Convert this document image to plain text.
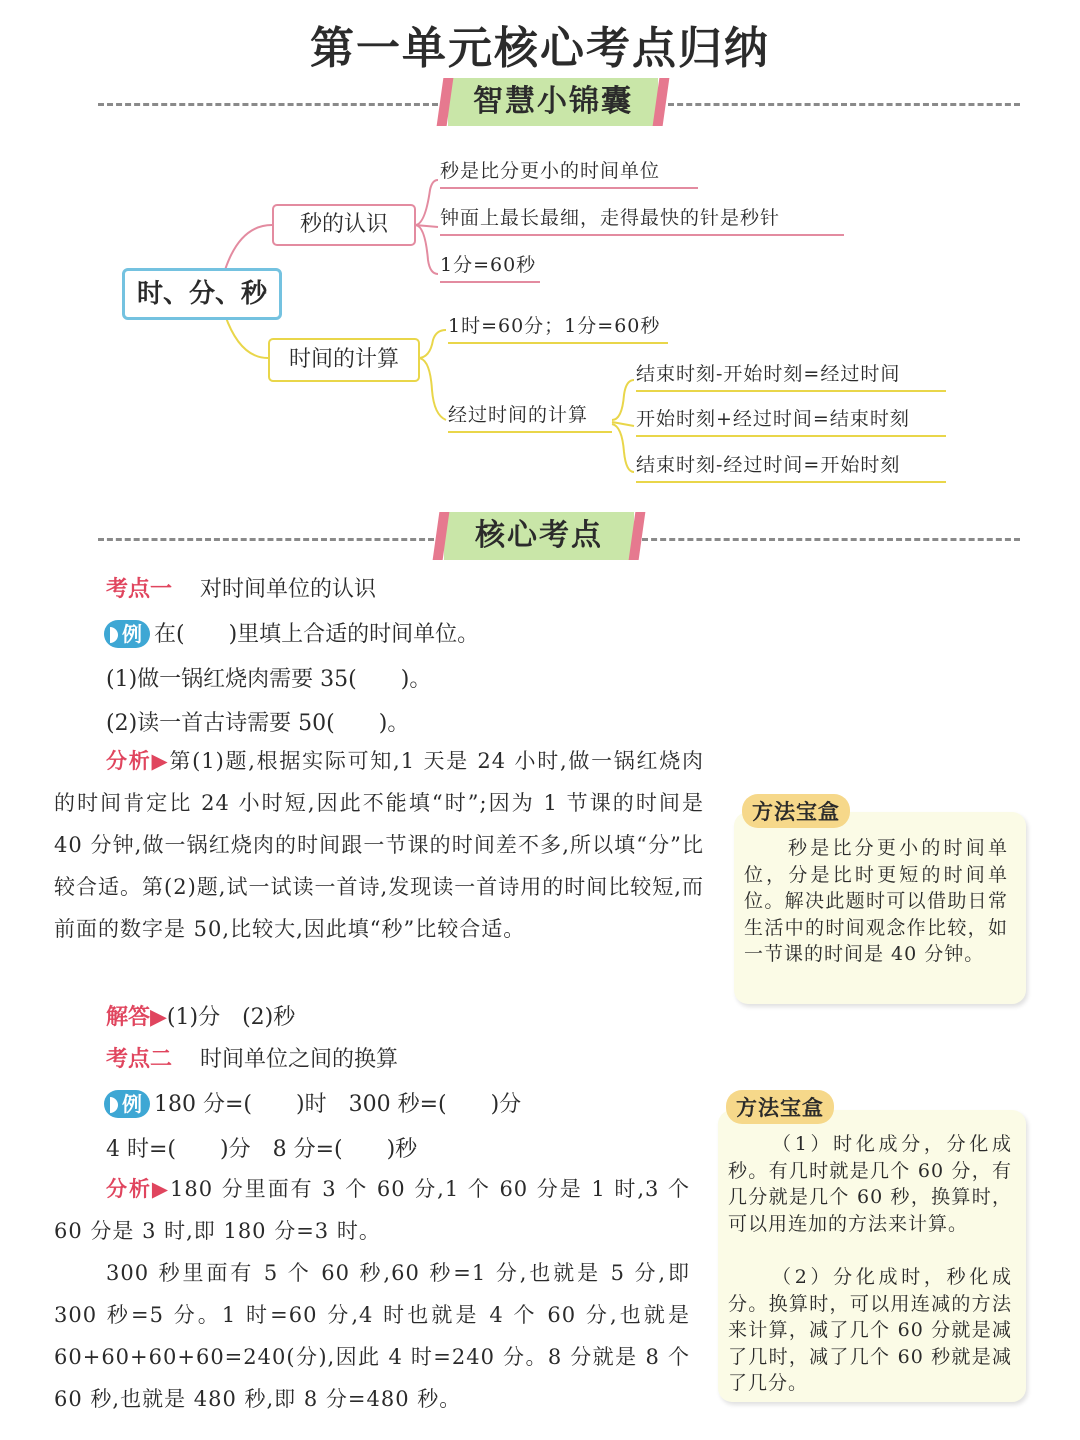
第一单元核心考点归纳
智慧小锦囊
时、分、秒
秒的认识
时间的计算
秒是比分更小的时间单位
钟面上最长最细，走得最快的针是秒针
1分=60秒
1时=60分；1分=60秒
经过时间的计算
结束时刻-开始时刻=经过时间
开始时刻+经过时间=结束时刻
结束时刻-经过时间=开始时刻
核心考点
考点一 对时间单位的认识
例 在(　　)里填上合适的时间单位。
(1)做一锅红烧肉需要 35(　　)。
(2)读一首古诗需要 50(　　)。
分析▶第(1)题,根据实际可知,1 天是 24 小时,做一锅红烧肉的时间肯定比 24 小时短,因此不能填“时”;因为 1 节课的时间是 40 分钟,做一锅红烧肉的时间跟一节课的时间差不多,所以填“分”比较合适。第(2)题,试一试读一首诗,发现读一首诗用的时间比较短,而前面的数字是 50,比较大,因此填“秒”比较合适。
解答▶(1)分　(2)秒
方法宝盒
秒是比分更小的时间单位，分是比时更短的时间单位。解决此题时可以借助日常生活中的时间观念作比较，如一节课的时间是 40 分钟。
考点二 时间单位之间的换算
例 180 分=(　　)时　300 秒=(　　)分
4 时=(　　)分　8 分=(　　)秒
分析▶180 分里面有 3 个 60 分,1 个 60 分是 1 时,3 个 60 分是 3 时,即 180 分=3 时。
300 秒里面有 5 个 60 秒,60 秒=1 分,也就是 5 分,即 300 秒=5 分。1 时=60 分,4 时也就是 4 个 60 分,也就是 60+60+60+60=240(分),因此 4 时=240 分。8 分就是 8 个 60 秒,也就是 480 秒,即 8 分=480 秒。
方法宝盒
（1）时化成分，分化成秒。有几时就是几个 60 分，有几分就是几个 60 秒，换算时，可以用连加的方法来计算。
（2）分化成时，秒化成分。换算时，可以用连减的方法来计算，减了几个 60 分就是减了几时，减了几个 60 秒就是减了几分。
